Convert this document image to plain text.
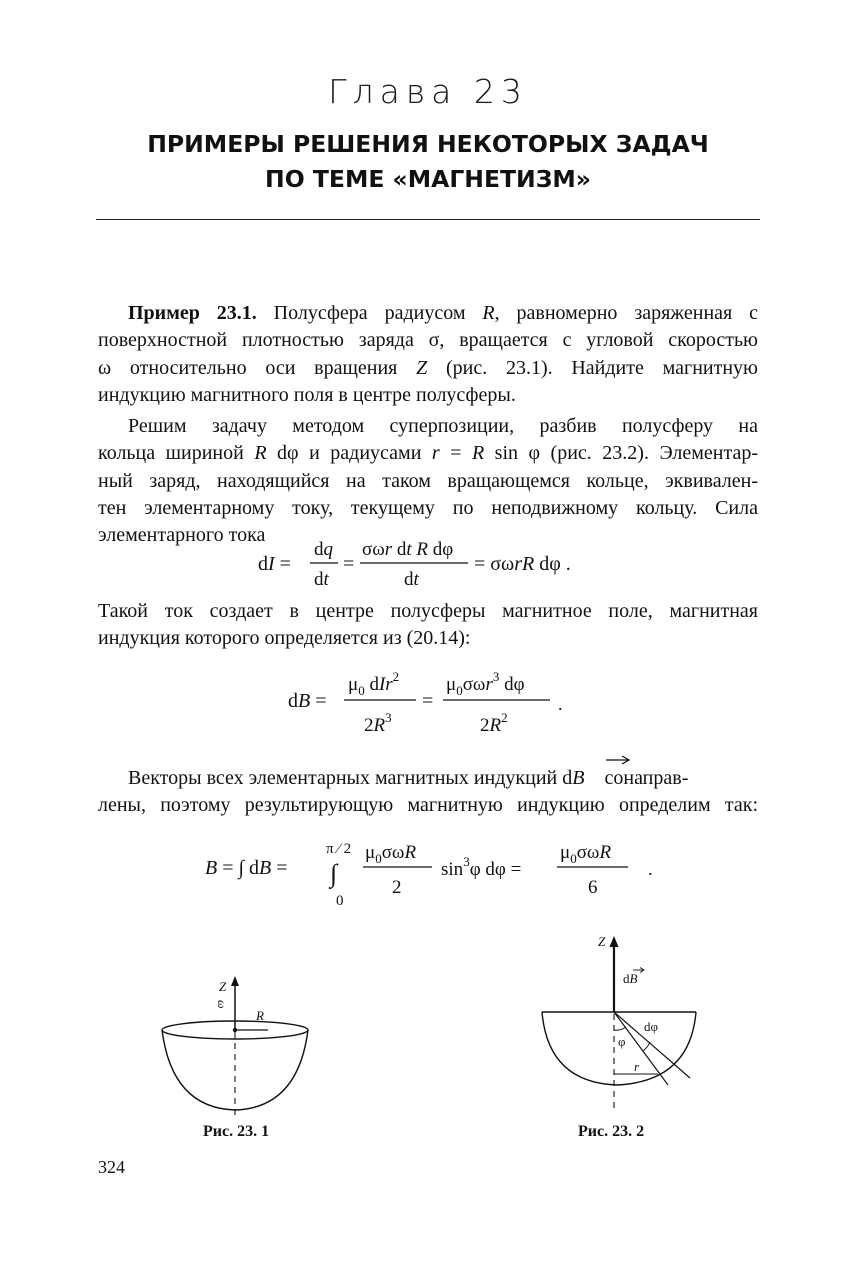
Глава 23
ПРИМЕРЫ РЕШЕНИЯ НЕКОТОРЫХ ЗАДАЧ
ПО ТЕМЕ «МАГНЕТИЗМ»
Пример 23.1. Полусфера радиусом R, равномерно заряженная с
поверхностной плотностью заряда σ, вращается с угловой скоростью
ω относительно оси вращения Z (рис. 23.1). Найдите магнитную
индукцию магнитного поля в центре полусферы.
Решим задачу методом суперпозиции, разбив полусферу на
кольца шириной R dφ и радиусами r = R sin φ (рис. 23.2). Элементар-
ный заряд, находящийся на таком вращающемся кольце, эквивален-
тен элементарному току, текущему по неподвижному кольцу. Сила
элементарного тока
dI =
dq
dt
=
σωr dt R dφ
dt
= σωrR dφ .
Такой ток создает в центре полусферы магнитное поле, магнитная
индукция которого определяется из (20.14):
dB =
$\mu_0$ dIr$^2$
$2R^3$
=
$\mu_0\sigma\omega r^3$ dφ
$2R^2$
.
Векторы всех элементарных магнитных индукций dB сонаправ-
лены, поэтому результирующую магнитную индукцию определим так:
B = ∫ dB =
π ⁄ 2
∫
0
$\mu_0\sigma\omega R$
2
$\sin^3\varphi$ dφ =
$\mu_0\sigma\omega R$
6
.
Z
ω
R
Рис. 23. 1
Z
dB
dφ
φ
r
Рис. 23. 2
324
